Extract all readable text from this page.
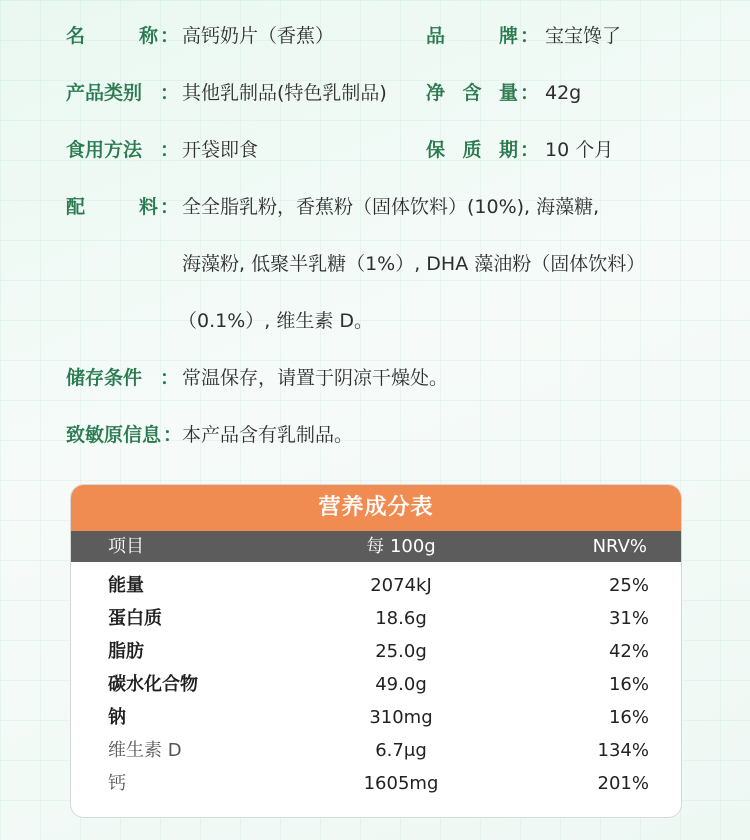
名	称 ： 高钙奶片（香蕉）	品	牌 ： 宝宝馋了
产品类别 ： 其他乳制品(特色乳制品) 净 含 量 ： 42g
食用方法 ： 开袋即食	保 质 期 ： 10 个月
配	料 ： 全全脂乳粉，香蕉粉（固体饮料）(10%), 海藻糖,
海藻粉, 低聚半乳糖（1%）, DHA 藻油粉（固体饮料）
（0.1%）, 维生素 D。
储存条件 ： 常温保存，请置于阴凉干燥处。
致敏原信息 ： 本产品含有乳制品。
营养成分表
项目	每 100g	NRV%
能量	2074kJ	25%
蛋白质	18.6g	31%
脂肪	25.0g	42%
碳水化合物	49.0g	16%
钠	310mg	16%
维生素 D	6.7μg	134%
钙	1605mg	201%
